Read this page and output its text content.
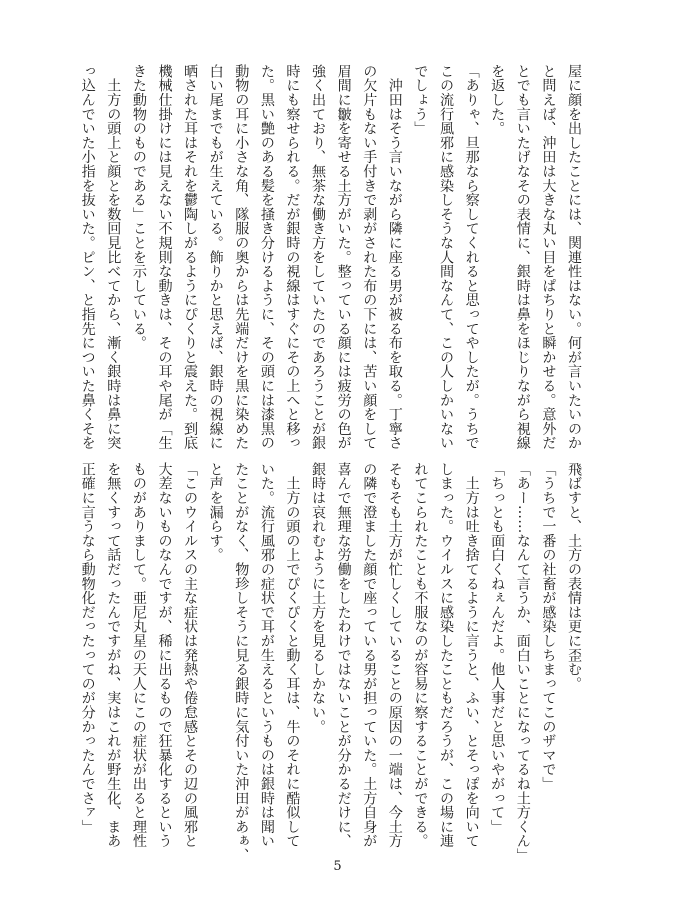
屋に顔を出したことには、関連性はない。何が言いたいのか
と問えば、沖田は大きな丸い目をぱちりと瞬かせる。意外だ
とでも言いたげなその表情に、銀時は鼻をほじりながら視線
を返した。
「ありゃ、旦那なら察してくれると思ってやしたが。うちで
この流行風邪に感染しそうな人間なんて、この人しかいない
でしょう」
　沖田はそう言いながら隣に座る男が被る布を取る。丁寧さ
の欠片もない手付きで剥がされた布の下には、苦い顔をして
眉間に皺を寄せる土方がいた。整っている顔には疲労の色が
強く出ており、無茶な働き方をしていたのであろうことが銀
時にも察せられる。だが銀時の視線はすぐにその上へと移っ
た。黒い艶のある髪を掻き分けるように、その頭には漆黒の
動物の耳に小さな角、隊服の奥からは先端だけを黒に染めた
白い尾までもが生えている。飾りかと思えば、銀時の視線に
晒された耳はそれを鬱陶しがるようにぴくりと震えた。到底
機械仕掛けには見えない不規則な動きは、その耳や尾が「生
きた動物のものである」ことを示している。
　土方の頭上と顔とを数回見比べてから、漸く銀時は鼻に突
っ込んでいた小指を抜いた。ピン、と指先についた鼻くそを
飛ばすと、土方の表情は更に歪む。
「うちで一番の社畜が感染しちまってこのザマで」
「あー……なんて言うか、面白いことになってるね土方くん」
「ちっとも面白くねぇんだよ。他人事だと思いやがって」
　土方は吐き捨てるように言うと、ふい、とそっぽを向いて
しまった。ウイルスに感染したこともだろうが、この場に連
れてこられたことも不服なのが容易に察することができる。
そもそも土方が忙しくしていることの原因の一端は、今土方
の隣で澄ました顔で座っている男が担っていた。土方自身が
喜んで無理な労働をしたわけではないことが分かるだけに、
銀時は哀れむように土方を見るしかない。
　土方の頭の上でぴくぴくと動く耳は、牛のそれに酷似して
いた。流行風邪の症状で耳が生えるというものは銀時は聞い
たことがなく、物珍しそうに見る銀時に気付いた沖田があぁ、
と声を漏らす。
「このウイルスの主な症状は発熱や倦怠感とその辺の風邪と
大差ないものなんですが、稀に出るもので狂暴化するという
ものがありまして。亜尼丸星の天人にこの症状が出ると理性
を無くすって話だったんですがね、実はこれが野生化、まあ
正確に言うなら動物化だったってのが分かったんでさァ」
5
